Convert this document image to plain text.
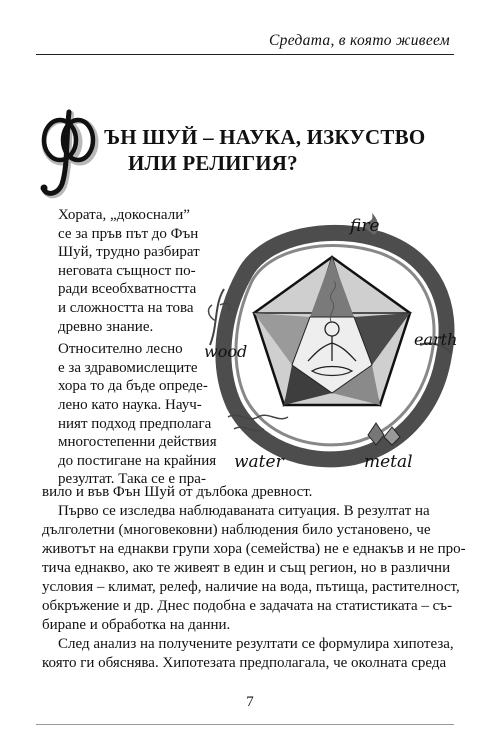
Средата, в която живеем
ЪН ШУЙ – НАУКА, ИЗКУСТВО
ИЛИ РЕЛИГИЯ?

Хората, „докоснали”
се за пръв път до Фън
Шуй, трудно разбират
неговата същност по-
ради всеобхватността
и сложността на това
древно знание.

Относително лесно
е за здравомислещите
хора то да бъде опреде-
лено като наука. Науч-
ният подход предполага
многостепенни действия
до постигане на крайния
резултат. Така се е пра-

fire
wood
earth
water	metal

вило и във Фън Шуй от дълбока древност.

Първо се изследва наблюдаваната ситуация. В резултат на
дълголетни (многовековни) наблюдения било установено, че
животът на еднакви групи хора (семейства) не е еднакъв и не про-
тича еднакво, ако те живеят в един и същ регион, но в различни
условия – климат, релеф, наличие на вода, пътища, растителност,
обкръжение и др. Днес подобна е задачата на статистиката – съ-
бирane и обработка на данни.

След анализ на получените резултати се формулира хипотеза,
която ги обяснява. Хипотезата предполагала, че околната среда

7
